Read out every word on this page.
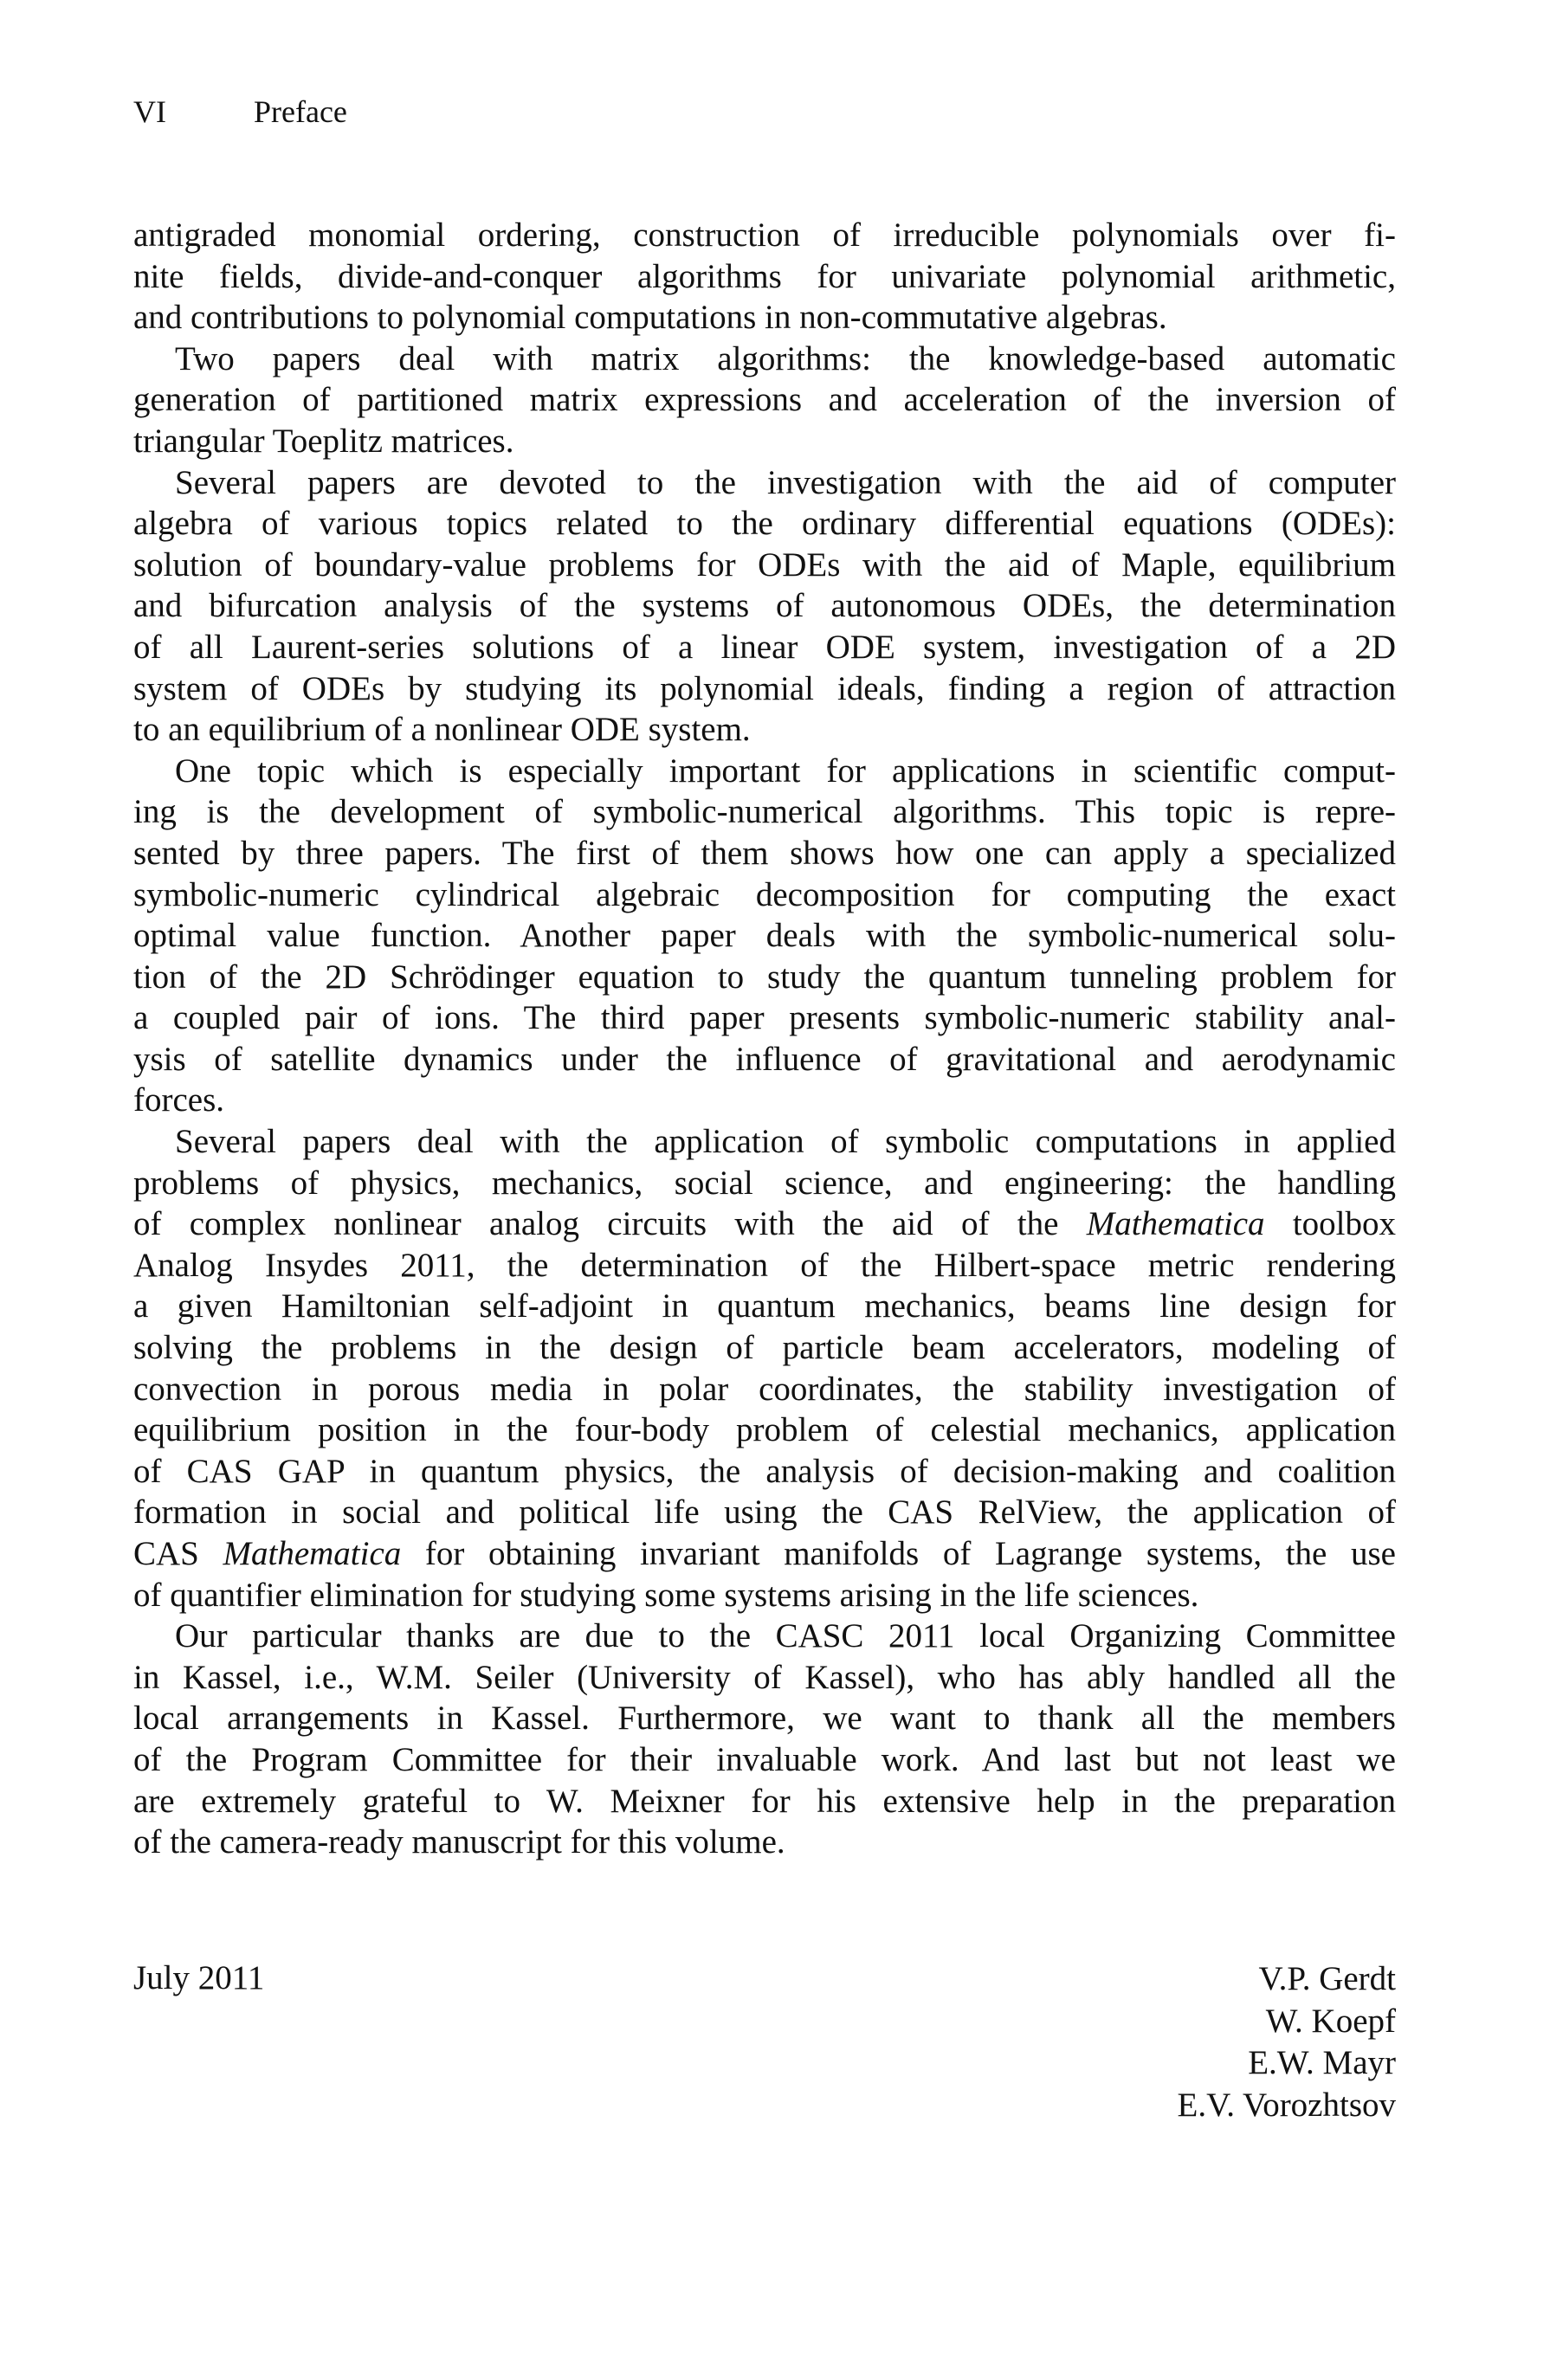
VI	Preface
antigraded monomial ordering, construction of irreducible polynomials over fi-
nite fields, divide-and-conquer algorithms for univariate polynomial arithmetic,
and contributions to polynomial computations in non-commutative algebras.
Two papers deal with matrix algorithms: the knowledge-based automatic
generation of partitioned matrix expressions and acceleration of the inversion of
triangular Toeplitz matrices.
Several papers are devoted to the investigation with the aid of computer
algebra of various topics related to the ordinary differential equations (ODEs):
solution of boundary-value problems for ODEs with the aid of Maple, equilibrium
and bifurcation analysis of the systems of autonomous ODEs, the determination
of all Laurent-series solutions of a linear ODE system, investigation of a 2D
system of ODEs by studying its polynomial ideals, finding a region of attraction
to an equilibrium of a nonlinear ODE system.
One topic which is especially important for applications in scientific comput-
ing is the development of symbolic-numerical algorithms. This topic is repre-
sented by three papers. The first of them shows how one can apply a specialized
symbolic-numeric cylindrical algebraic decomposition for computing the exact
optimal value function. Another paper deals with the symbolic-numerical solu-
tion of the 2D Schrödinger equation to study the quantum tunneling problem for
a coupled pair of ions. The third paper presents symbolic-numeric stability anal-
ysis of satellite dynamics under the influence of gravitational and aerodynamic
forces.
Several papers deal with the application of symbolic computations in applied
problems of physics, mechanics, social science, and engineering: the handling
of complex nonlinear analog circuits with the aid of the Mathematica toolbox
Analog Insydes 2011, the determination of the Hilbert-space metric rendering
a given Hamiltonian self-adjoint in quantum mechanics, beams line design for
solving the problems in the design of particle beam accelerators, modeling of
convection in porous media in polar coordinates, the stability investigation of
equilibrium position in the four-body problem of celestial mechanics, application
of CAS GAP in quantum physics, the analysis of decision-making and coalition
formation in social and political life using the CAS RelView, the application of
CAS Mathematica for obtaining invariant manifolds of Lagrange systems, the use
of quantifier elimination for studying some systems arising in the life sciences.
Our particular thanks are due to the CASC 2011 local Organizing Committee
in Kassel, i.e., W.M. Seiler (University of Kassel), who has ably handled all the
local arrangements in Kassel. Furthermore, we want to thank all the members
of the Program Committee for their invaluable work. And last but not least we
are extremely grateful to W. Meixner for his extensive help in the preparation
of the camera-ready manuscript for this volume.
July 2011	V.P. Gerdt
W. Koepf
E.W. Mayr
E.V. Vorozhtsov
